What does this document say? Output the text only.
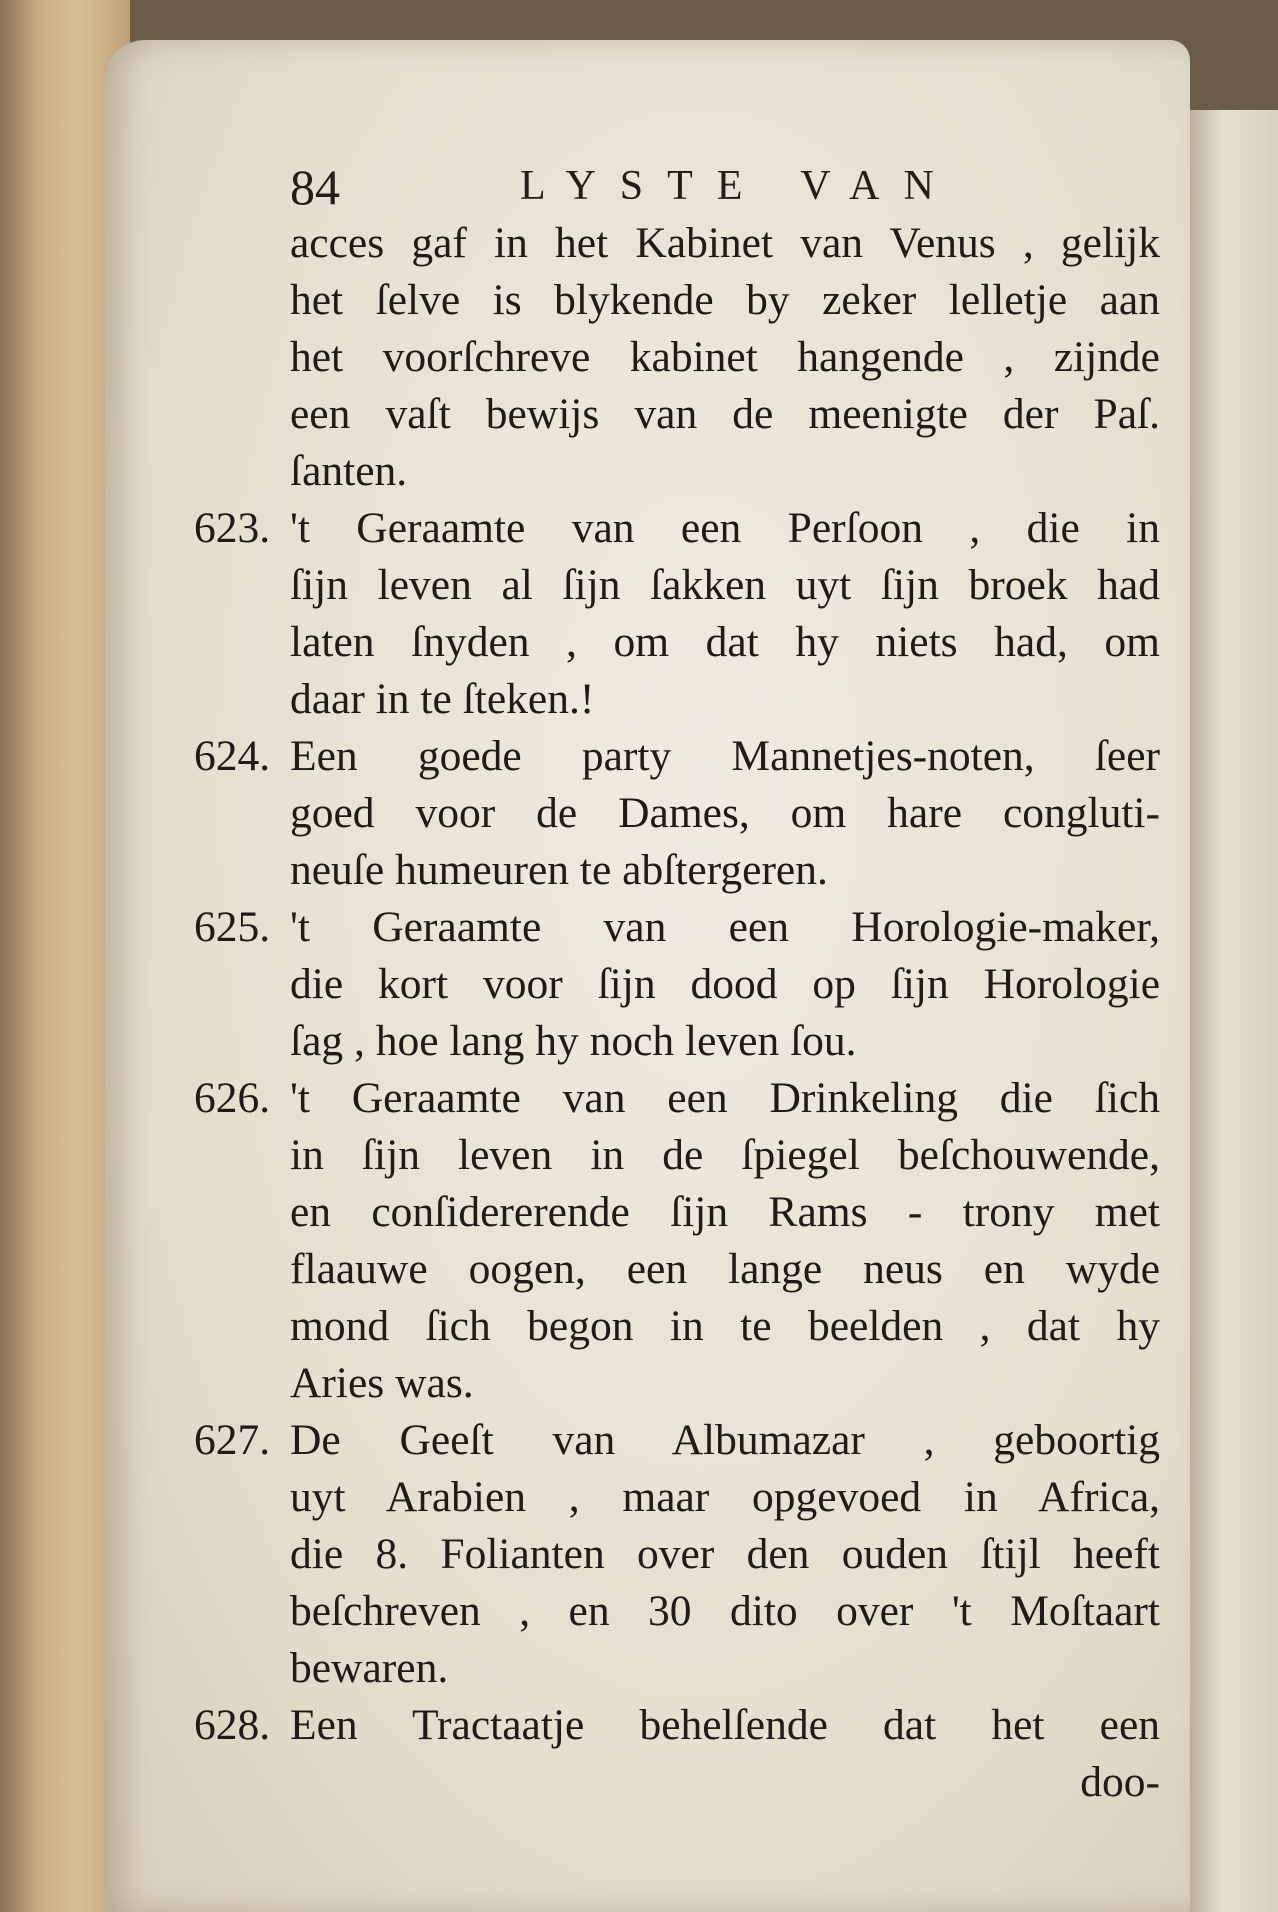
84	LYSTE VAN
acces gaf in het Kabinet van Venus , gelijk
het ſelve is blykende by zeker lelletje aan
het voorſchreve kabinet hangende , zijnde
een vaſt bewijs van de meenigte der Paſ.
ſanten.
623. 't Geraamte van een Perſoon , die in
ſijn leven al ſijn ſakken uyt ſijn broek had
laten ſnyden , om dat hy niets had, om
daar in te ſteken.!
624. Een goede party Mannetjes-noten, ſeer
goed voor de Dames, om hare congluti-
neuſe humeuren te abſtergeren.
625. 't Geraamte van een Horologie-maker,
die kort voor ſijn dood op ſijn Horologie
ſag , hoe lang hy noch leven ſou.
626. 't Geraamte van een Drinkeling die ſich
in ſijn leven in de ſpiegel beſchouwende,
en conſidererende ſijn Rams - trony met
flaauwe oogen, een lange neus en wyde
mond ſich begon in te beelden , dat hy
Aries was.
627. De Geeſt van Albumazar , geboortig
uyt Arabien , maar opgevoed in Africa,
die 8. Folianten over den ouden ſtijl heeft
beſchreven , en 30 dito over 't Moſtaart
bewaren.
628. Een Tractaatje behelſende dat het een
doo-
